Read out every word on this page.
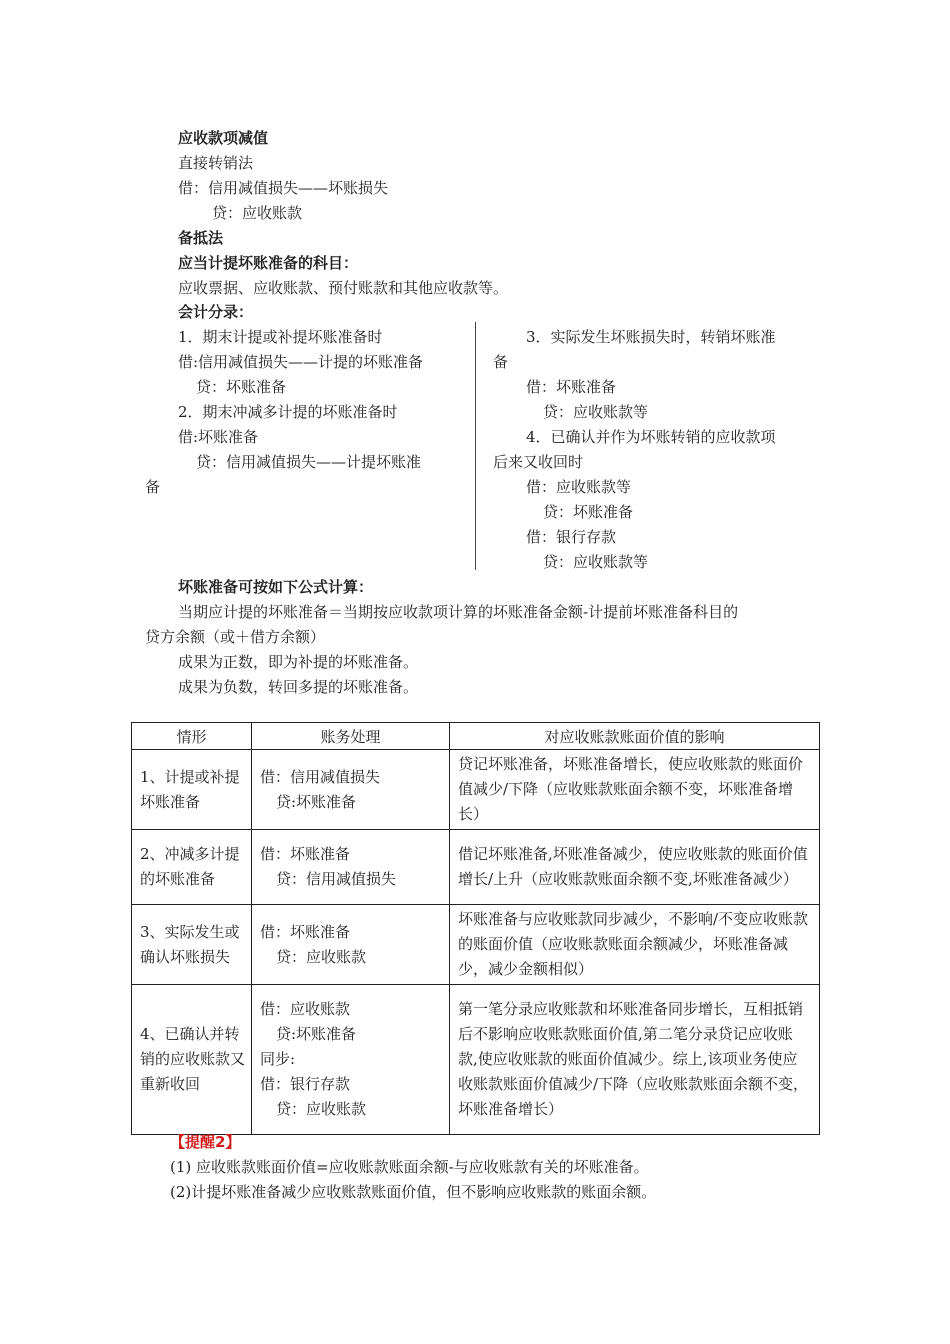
应收款项减值
直接转销法
借：信用减值损失——坏账损失
贷：应收账款
备抵法
应当计提坏账准备的科目：
应收票据、应收账款、预付账款和其他应收款等。
会计分录：
1．期末计提或补提坏账准备时
借:信用减值损失——计提的坏账准备
贷：坏账准备
2．期末冲减多计提的坏账准备时
借:坏账准备
贷：信用减值损失——计提坏账准
备
3．实际发生坏账损失时，转销坏账准
备
借：坏账准备
贷：应收账款等
4．已确认并作为坏账转销的应收款项
后来又收回时
借：应收账款等
贷：坏账准备
借：银行存款
贷：应收账款等
坏账准备可按如下公式计算：
当期应计提的坏账准备＝当期按应收款项计算的坏账准备金额-计提前坏账准备科目的
贷方余额（或＋借方余额）
成果为正数，即为补提的坏账准备。
成果为负数，转回多提的坏账准备。
情形	账务处理	对应收账款账面价值的影响

1、计提或补提
坏账准备	借：信用减值损失
贷:坏账准备	贷记坏账准备，坏账准备增长，使应收账款的账面价值减少/下降（应收账款账面余额不变，坏账准备增长）

2、冲减多计提
的坏账准备	借：坏账准备
贷：信用减值损失	借记坏账准备,坏账准备减少，使应收账款的账面价值增长/上升（应收账款账面余额不变,坏账准备减少）

3、实际发生或
确认坏账损失	借：坏账准备
贷：应收账款	坏账准备与应收账款同步减少，不影响/不变应收账款的账面价值（应收账款账面余额减少，坏账准备减少，减少金额相似）

4、已确认并转
销的应收账款又
重新收回	借：应收账款
贷:坏账准备
同步:
借：银行存款
贷：应收账款	第一笔分录应收账款和坏账准备同步增长，互相抵销后不影响应收账款账面价值,第二笔分录贷记应收账款,使应收账款的账面价值减少。综上,该项业务使应收账款账面价值减少/下降（应收账款账面余额不变，坏账准备增长）
【提醒2】
(1) 应收账款账面价值=应收账款账面余额-与应收账款有关的坏账准备。
(2)计提坏账准备减少应收账款账面价值，但不影响应收账款的账面余额。
